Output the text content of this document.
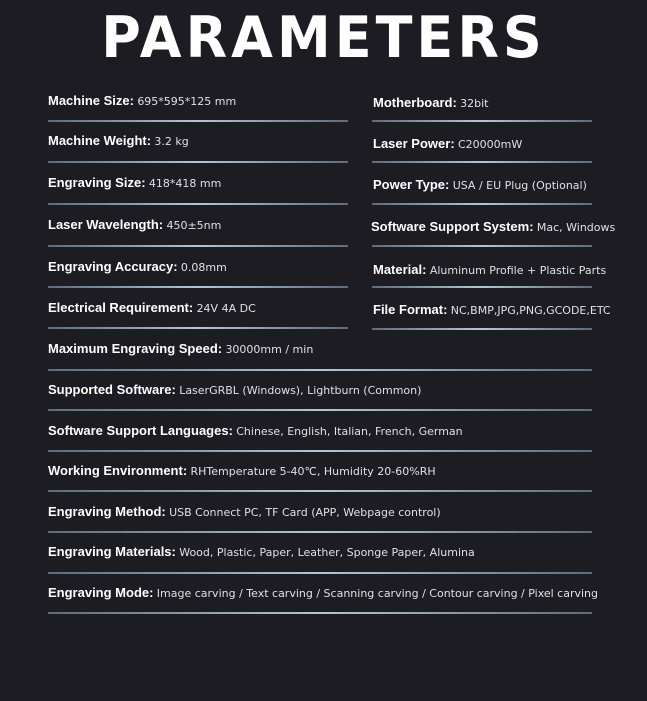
PARAMETERS
Machine Size: 695*595*125 mm
Machine Weight: 3.2 kg
Engraving Size: 418*418 mm
Laser Wavelength: 450±5nm
Engraving Accuracy: 0.08mm
Electrical Requirement: 24V 4A DC
Motherboard: 32bit
Laser Power: C20000mW
Power Type: USA / EU Plug (Optional)
Software Support System: Mac, Windows
Material: Aluminum Profile + Plastic Parts
File Format: NC,BMP,JPG,PNG,GCODE,ETC
Maximum Engraving Speed: 30000mm / min
Supported Software: LaserGRBL (Windows), Lightburn (Common)
Software Support Languages: Chinese, English, Italian, French, German
Working Environment: RHTemperature 5-40℃, Humidity 20-60%RH
Engraving Method: USB Connect PC, TF Card (APP, Webpage control)
Engraving Materials: Wood, Plastic, Paper, Leather, Sponge Paper, Alumina
Engraving Mode: Image carving / Text carving / Scanning carving / Contour carving / Pixel carving
